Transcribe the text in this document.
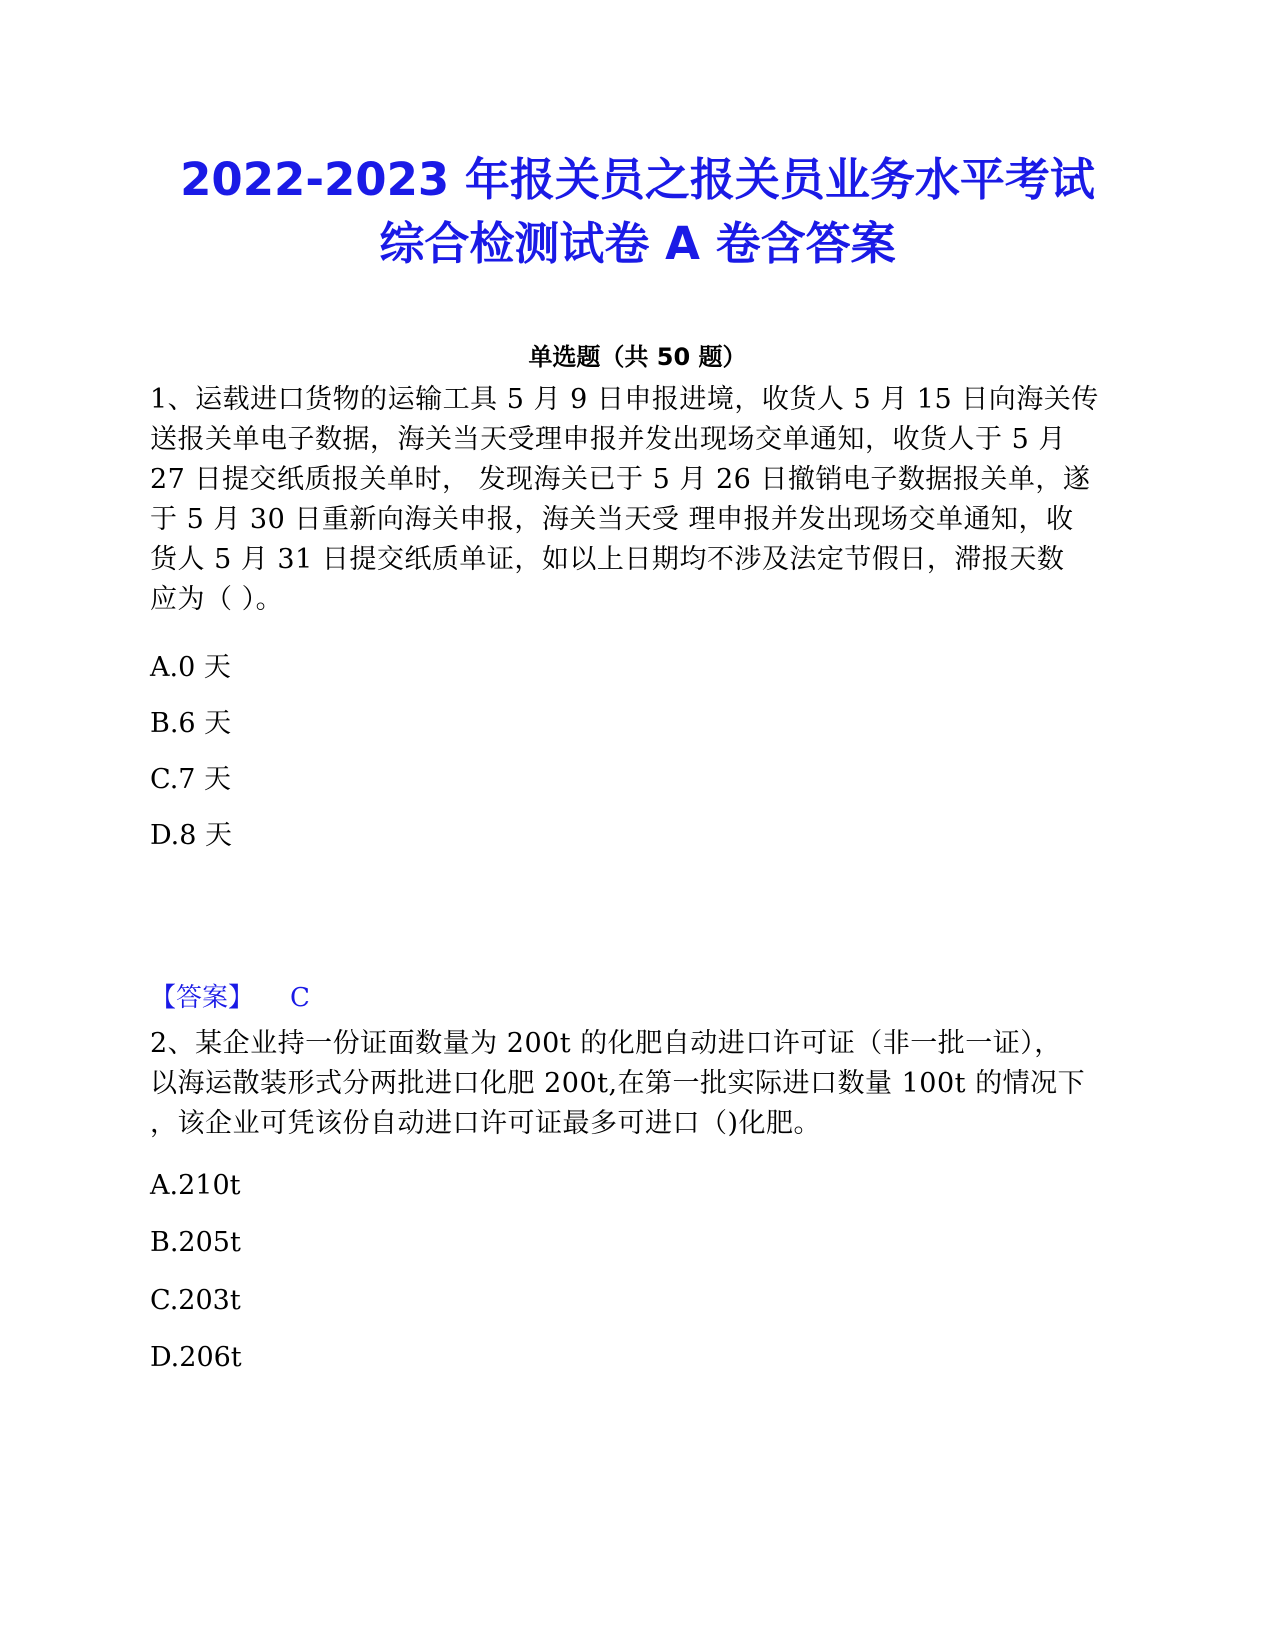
2022-2023 年报关员之报关员业务水平考试
综合检测试卷 A 卷含答案
单选题（共 50 题）
1、运载进口货物的运输工具 5 月 9 日申报进境，收货人 5 月 15 日向海关传
送报关单电子数据，海关当天受理申报并发出现场交单通知，收货人于 5 月
27 日提交纸质报关单时， 发现海关已于 5 月 26 日撤销电子数据报关单，遂
于 5 月 30 日重新向海关申报，海关当天受 理申报并发出现场交单通知，收
货人 5 月 31 日提交纸质单证，如以上日期均不涉及法定节假日，滞报天数
应为（ ）。
A.0 天
B.6 天
C.7 天
D.8 天
【答案】 C
2、某企业持一份证面数量为 200t 的化肥自动进口许可证（非一批一证），
以海运散装形式分两批进口化肥 200t,在第一批实际进口数量 100t 的情况下
，该企业可凭该份自动进口许可证最多可进口（)化肥。
A.210t
B.205t
C.203t
D.206t
